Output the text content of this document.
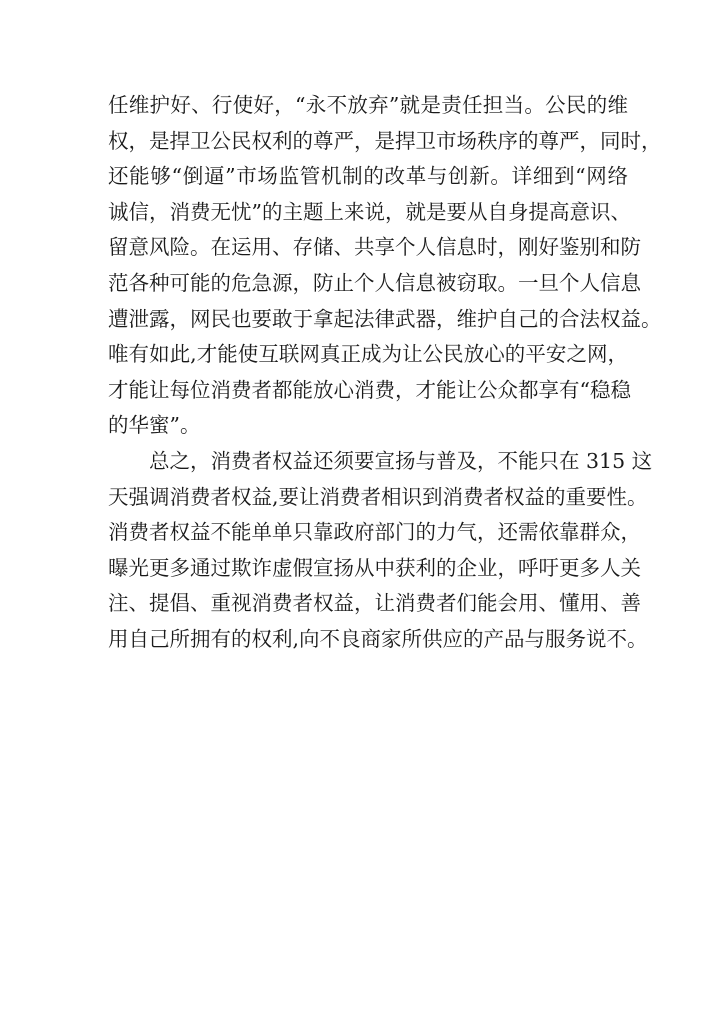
任维护好、行使好，“永不放弃”就是责任担当。公民的维
权，是捍卫公民权利的尊严，是捍卫市场秩序的尊严，同时，
还能够“倒逼”市场监管机制的改革与创新。详细到“网络
诚信，消费无忧”的主题上来说，就是要从自身提高意识、
留意风险。在运用、存储、共享个人信息时，刚好鉴别和防
范各种可能的危急源，防止个人信息被窃取。一旦个人信息
遭泄露，网民也要敢于拿起法律武器，维护自己的合法权益。
唯有如此,才能使互联网真正成为让公民放心的平安之网，
才能让每位消费者都能放心消费，才能让公众都享有“稳稳
的华蜜”。
总之，消费者权益还须要宣扬与普及，不能只在 315 这
天强调消费者权益,要让消费者相识到消费者权益的重要性。
消费者权益不能单单只靠政府部门的力气，还需依靠群众，
曝光更多通过欺诈虚假宣扬从中获利的企业，呼吁更多人关
注、提倡、重视消费者权益，让消费者们能会用、懂用、善
用自己所拥有的权利,向不良商家所供应的产品与服务说不。
